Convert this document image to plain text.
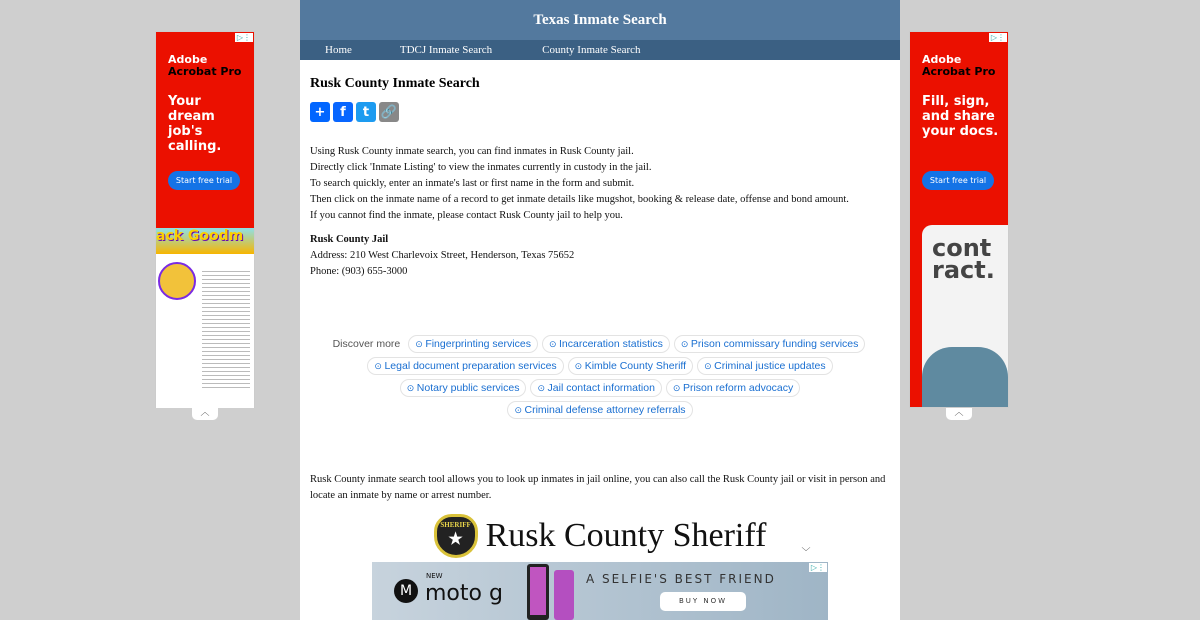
▷⋮
Adobe
Acrobat Pro
Your dream job's calling.
Start free trial
ack Goodm
︿
▷⋮
Adobe
Acrobat Pro
Fill, sign, and share your docs.
Start free trial
cont ract.
︿
Texas Inmate Search
Home	TDCJ Inmate Search	County Inmate Search
Rusk County Inmate Search
+	f	t 🔗

Using Rusk County inmate search, you can find inmates in Rusk County jail.

Directly click 'Inmate Listing' to view the inmates currently in custody in the jail.

To search quickly, enter an inmate's last or first name in the form and submit.

Then click on the inmate name of a record to get inmate details like mugshot, booking & release date, offense and bond amount.

If you cannot find the inmate, please contact Rusk County jail to help you.

Rusk County Jail

Address: 210 West Charlevoix Street, Henderson, Texas 75652

Phone: (903) 655-3000

Discover more ⊙ Fingerprinting services ⊙ Incarceration statistics ⊙ Prison commissary funding services
⊙ Legal document preparation services ⊙ Kimble County Sheriff ⊙ Criminal justice updates
⊙ Notary public services ⊙ Jail contact information ⊙ Prison reform advocacy
⊙ Criminal defense attorney referrals

Rusk County inmate search tool allows you to look up inmates in jail online, you can also call the Rusk County jail or visit in person and locate an inmate by name or arrest number.

SHERIFF
★ Rusk County Sheriff	﹀
▷⋮
M
NEW
moto g
A SELFIE'S BEST FRIEND
BUY NOW
